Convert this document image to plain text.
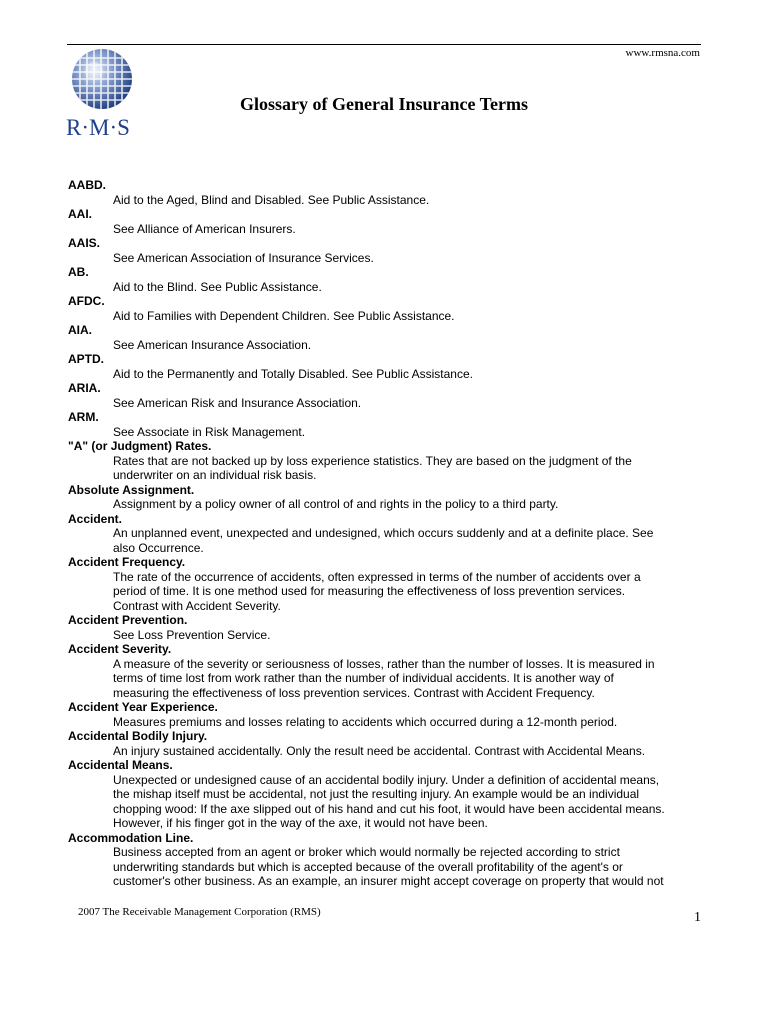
www.rmsna.com
R·M·S
Glossary of General Insurance Terms
AABD.
Aid to the Aged, Blind and Disabled. See Public Assistance.
AAI.
See Alliance of American Insurers.
AAIS.
See American Association of Insurance Services.
AB.
Aid to the Blind. See Public Assistance.
AFDC.
Aid to Families with Dependent Children. See Public Assistance.
AIA.
See American Insurance Association.
APTD.
Aid to the Permanently and Totally Disabled. See Public Assistance.
ARIA.
See American Risk and Insurance Association.
ARM.
See Associate in Risk Management.
"A" (or Judgment) Rates.
Rates that are not backed up by loss experience statistics. They are based on the judgment of the underwriter on an individual risk basis.
Absolute Assignment.
Assignment by a policy owner of all control of and rights in the policy to a third party.
Accident.
An unplanned event, unexpected and undesigned, which occurs suddenly and at a definite place. See also Occurrence.
Accident Frequency.
The rate of the occurrence of accidents, often expressed in terms of the number of accidents over a period of time. It is one method used for measuring the effectiveness of loss prevention services. Contrast with Accident Severity.
Accident Prevention.
See Loss Prevention Service.
Accident Severity.
A measure of the severity or seriousness of losses, rather than the number of losses. It is measured in terms of time lost from work rather than the number of individual accidents. It is another way of measuring the effectiveness of loss prevention services. Contrast with Accident Frequency.
Accident Year Experience.
Measures premiums and losses relating to accidents which occurred during a 12-month period.
Accidental Bodily Injury.
An injury sustained accidentally. Only the result need be accidental. Contrast with Accidental Means.
Accidental Means.
Unexpected or undesigned cause of an accidental bodily injury. Under a definition of accidental means, the mishap itself must be accidental, not just the resulting injury. An example would be an individual chopping wood: If the axe slipped out of his hand and cut his foot, it would have been accidental means. However, if his finger got in the way of the axe, it would not have been.
Accommodation Line.
Business accepted from an agent or broker which would normally be rejected according to strict underwriting standards but which is accepted because of the overall profitability of the agent's or customer's other business. As an example, an insurer might accept coverage on property that would not
2007 The Receivable Management Corporation (RMS)	1
